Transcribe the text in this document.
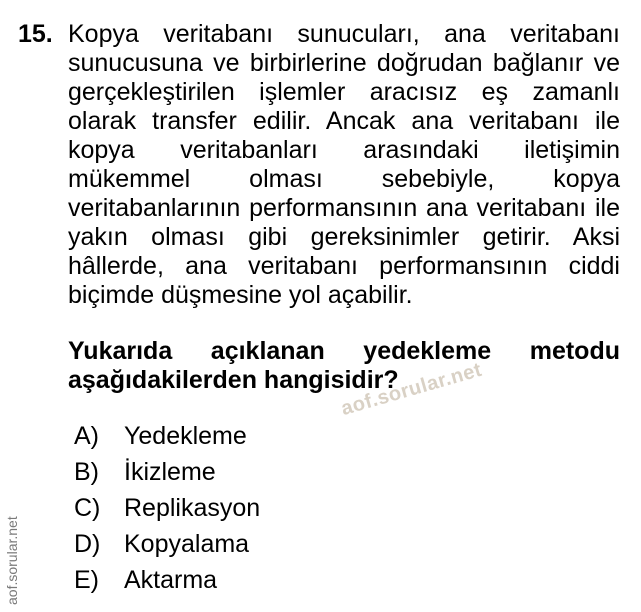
15. Kopya veritabanı sunucuları, ana veritabanı
sunucusuna ve birbirlerine doğrudan bağlanır ve
gerçekleştirilen işlemler aracısız eş zamanlı
olarak transfer edilir. Ancak ana veritabanı ile
kopya veritabanları arasındaki iletişimin
mükemmel olması sebebiyle, kopya
veritabanlarının performansının ana veritabanı ile
yakın olması gibi gereksinimler getirir. Aksi
hâllerde, ana veritabanı performansının ciddi
biçimde düşmesine yol açabilir.
Yukarıda açıklanan yedekleme metodu
aşağıdakilerden hangisidir?
aof.sorular.net
A)	Yedekleme
B)	İkizleme
C) Replikasyon
D) Kopyalama
E)	Aktarma
aof.sorular.net
